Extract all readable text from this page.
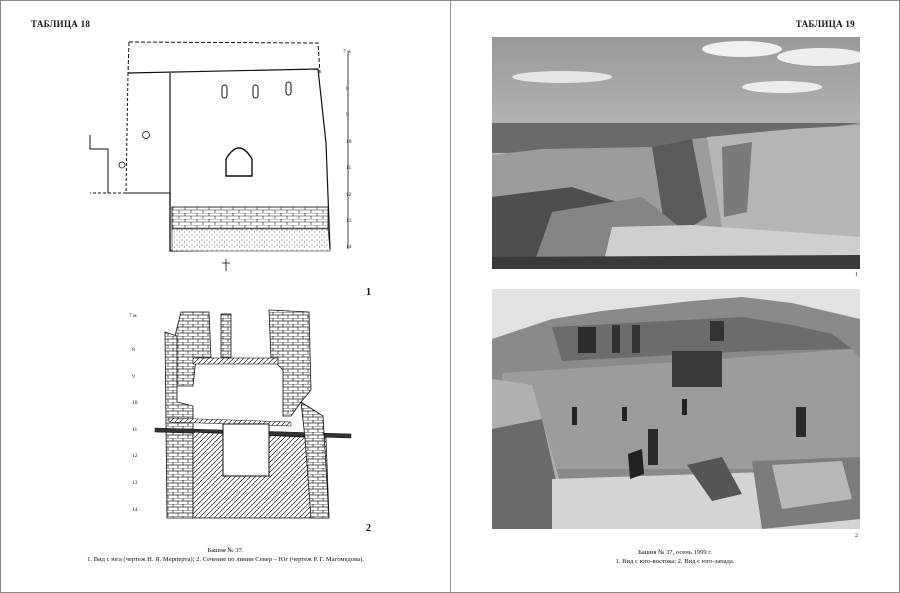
ТАБЛИЦА 18
7 м
8
9
10
11
12
13
14
1
7 м
8
9
10
11
12
13
14
2
Башня № 37.
1. Вид с юга (чертеж Н. Я. Мерперта); 2. Сечение по линии Север – Юг (чертеж Р. Г. Магомедова).
ТАБЛИЦА 19
1
2
Башня № 37, осень 1999 г.
1. Вид с юго-востока; 2. Вид с юго-запада.
